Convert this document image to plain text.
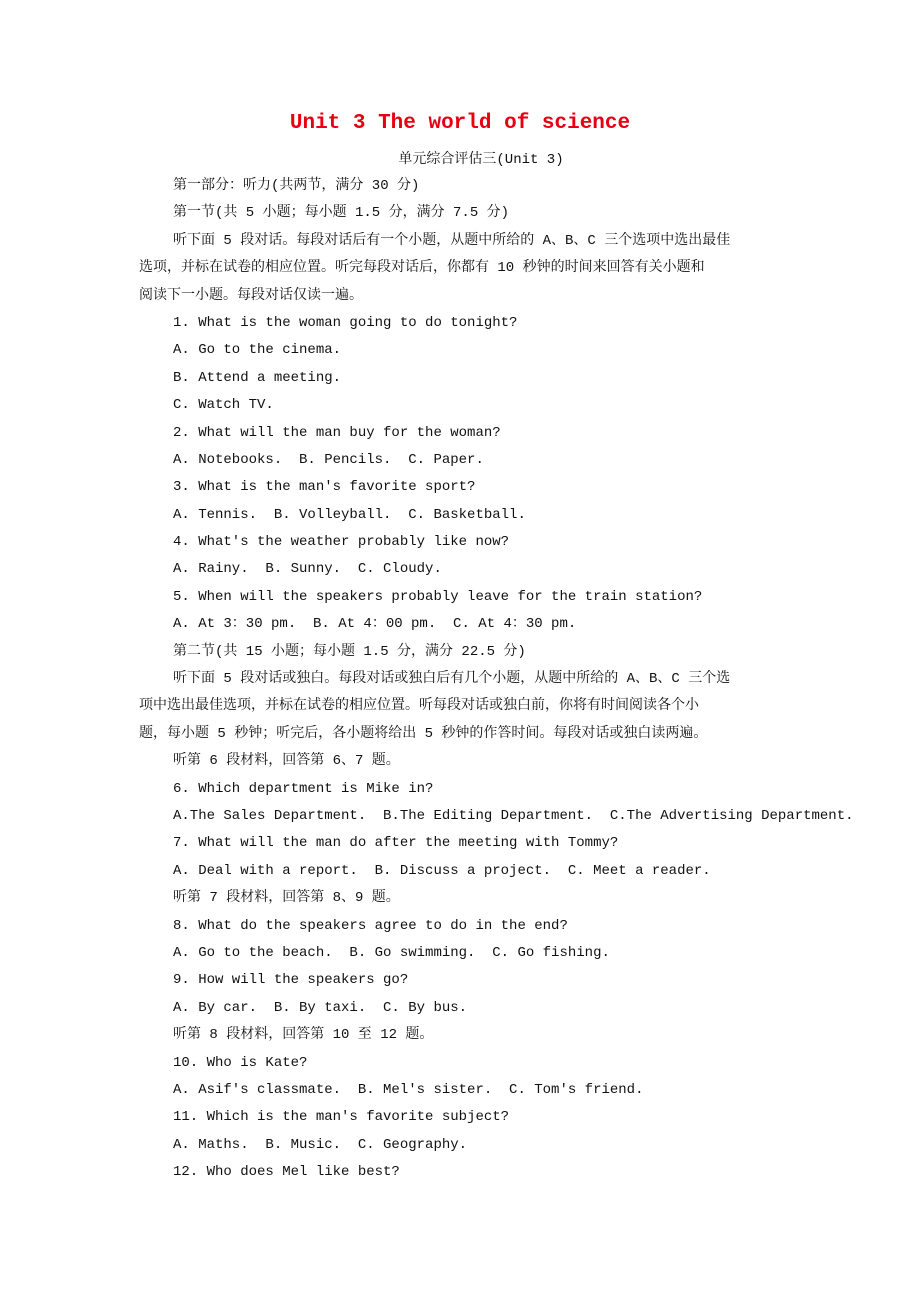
Unit 3 The world of science
单元综合评估三(Unit 3)
第一部分：听力(共两节，满分 30 分)
第一节(共 5 小题；每小题 1.5 分，满分 7.5 分)
听下面 5 段对话。每段对话后有一个小题，从题中所给的 A、B、C 三个选项中选出最佳
选项，并标在试卷的相应位置。听完每段对话后，你都有 10 秒钟的时间来回答有关小题和
阅读下一小题。每段对话仅读一遍。
1. What is the woman going to do tonight?
A. Go to the cinema.
B. Attend a meeting.
C. Watch TV.
2. What will the man buy for the woman?
A. Notebooks.  B. Pencils.  C. Paper.
3. What is the man's favorite sport?
A. Tennis.  B. Volleyball.  C. Basketball.
4. What's the weather probably like now?
A. Rainy.  B. Sunny.  C. Cloudy.
5. When will the speakers probably leave for the train station?
A. At 3：30 pm.  B. At 4：00 pm.  C. At 4：30 pm.
第二节(共 15 小题；每小题 1.5 分，满分 22.5 分)
听下面 5 段对话或独白。每段对话或独白后有几个小题，从题中所给的 A、B、C 三个选
项中选出最佳选项，并标在试卷的相应位置。听每段对话或独白前，你将有时间阅读各个小
题，每小题 5 秒钟；听完后，各小题将给出 5 秒钟的作答时间。每段对话或独白读两遍。
听第 6 段材料，回答第 6、7 题。
6. Which department is Mike in?
A.The Sales Department.  B.The Editing Department.  C.The Advertising Department.
7. What will the man do after the meeting with Tommy?
A. Deal with a report.  B. Discuss a project.  C. Meet a reader.
听第 7 段材料，回答第 8、9 题。
8. What do the speakers agree to do in the end?
A. Go to the beach.  B. Go swimming.  C. Go fishing.
9. How will the speakers go?
A. By car.  B. By taxi.  C. By bus.
听第 8 段材料，回答第 10 至 12 题。
10. Who is Kate?
A. Asif's classmate.  B. Mel's sister.  C. Tom's friend.
11. Which is the man's favorite subject?
A. Maths.  B. Music.  C. Geography.
12. Who does Mel like best?
